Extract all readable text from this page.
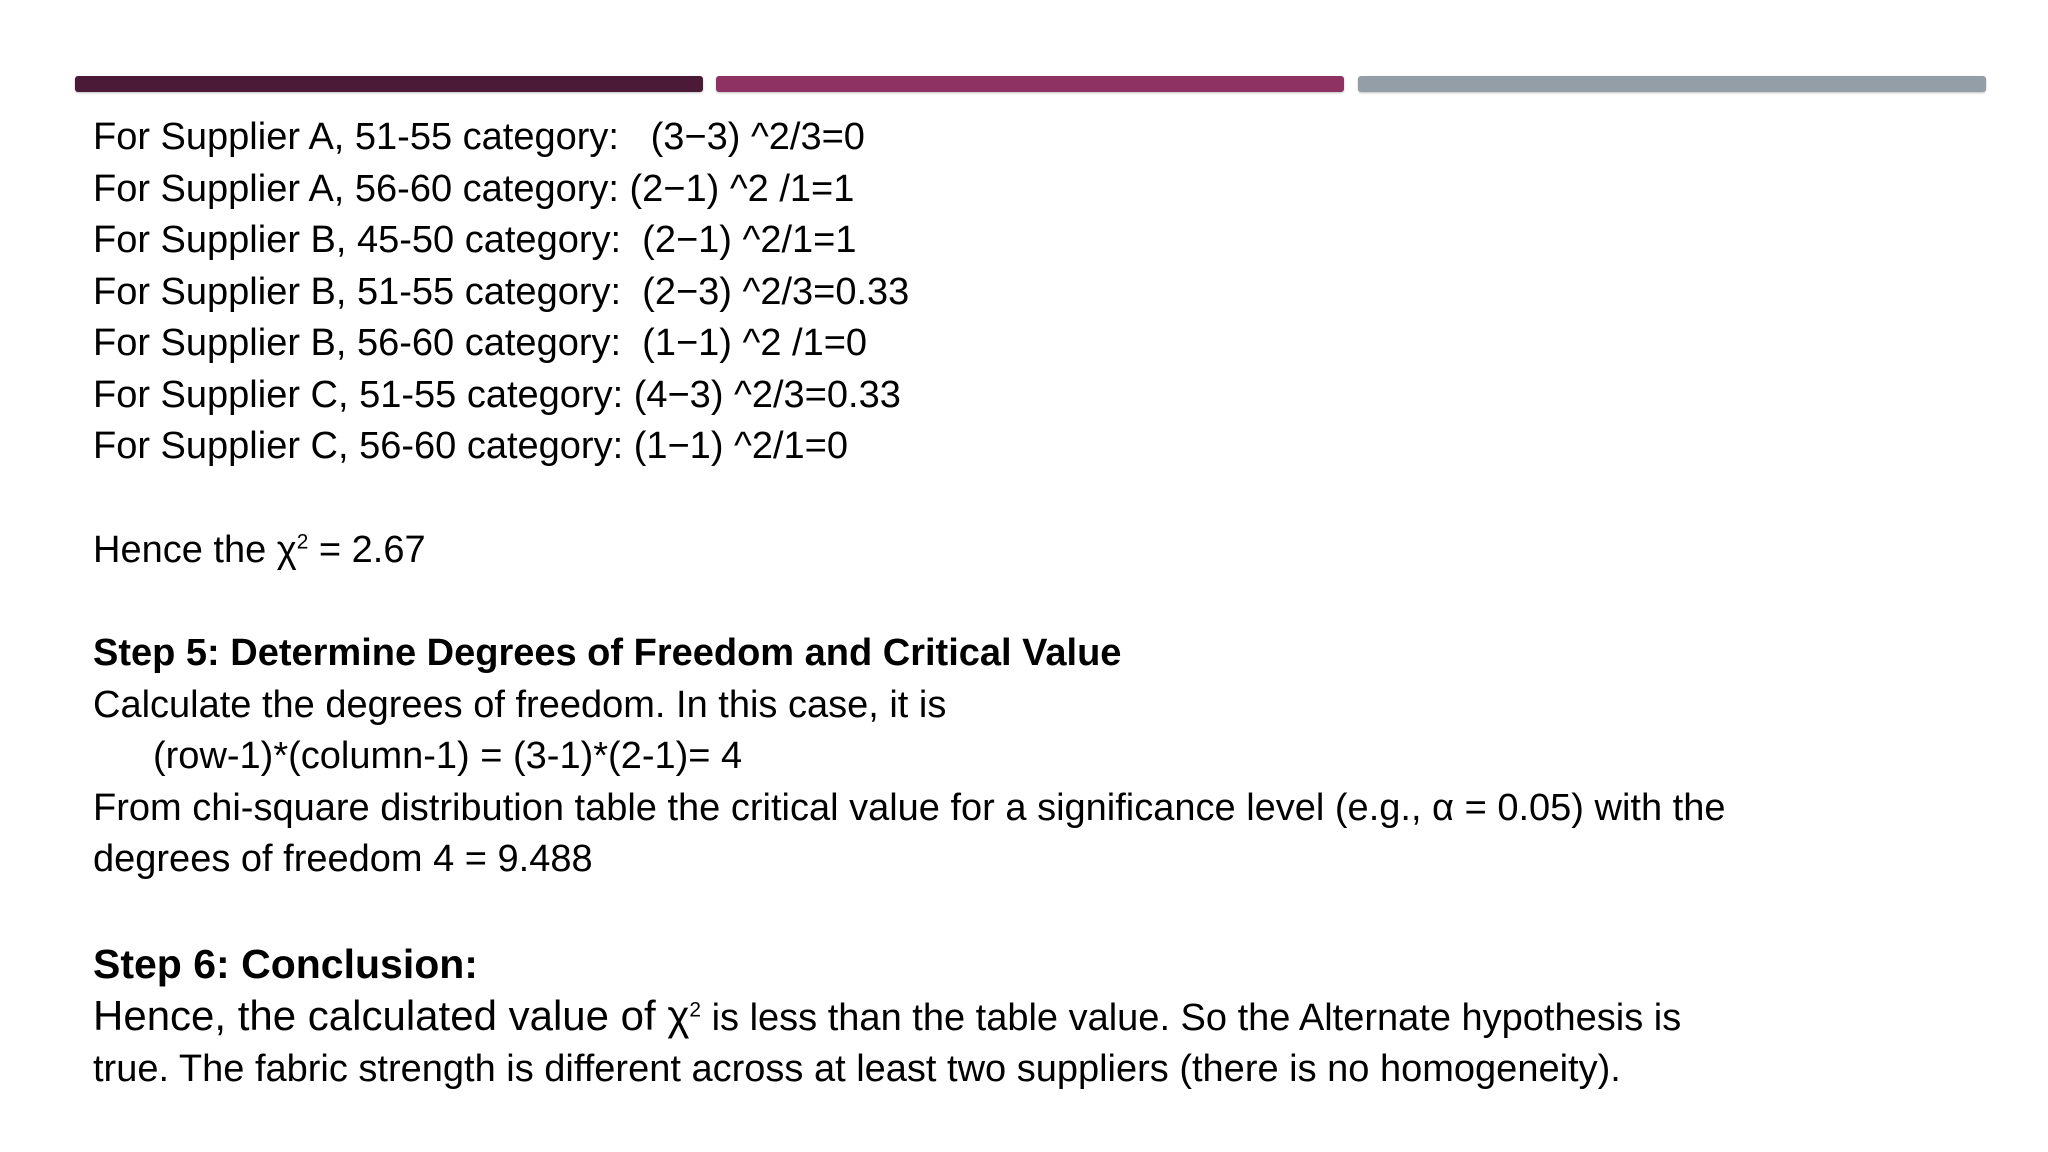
For Supplier A, 51-55 category:   (3−3) ^2/3=0
For Supplier A, 56-60 category: (2−1) ^2 /1=1
For Supplier B, 45-50 category:  (2−1) ^2/1=1
For Supplier B, 51-55 category:  (2−3) ^2/3=0.33
For Supplier B, 56-60 category:  (1−1) ^2 /1=0
For Supplier C, 51-55 category: (4−3) ^2/3=0.33
For Supplier C, 56-60 category: (1−1) ^2/1=0
Hence the $\chi^2 = 2.67$
Step 5: Determine Degrees of Freedom and Critical Value
Calculate the degrees of freedom. In this case, it is
(row-1)*(column-1) = (3-1)*(2-1)= 4
From chi-square distribution table the critical value for a significance level (e.g., α = 0.05) with the
degrees of freedom 4 = 9.488
Step 6: Conclusion:
Hence, the calculated value of $\chi^2$ is less than the table value. So the Alternate hypothesis is
true. The fabric strength is different across at least two suppliers (there is no homogeneity).
